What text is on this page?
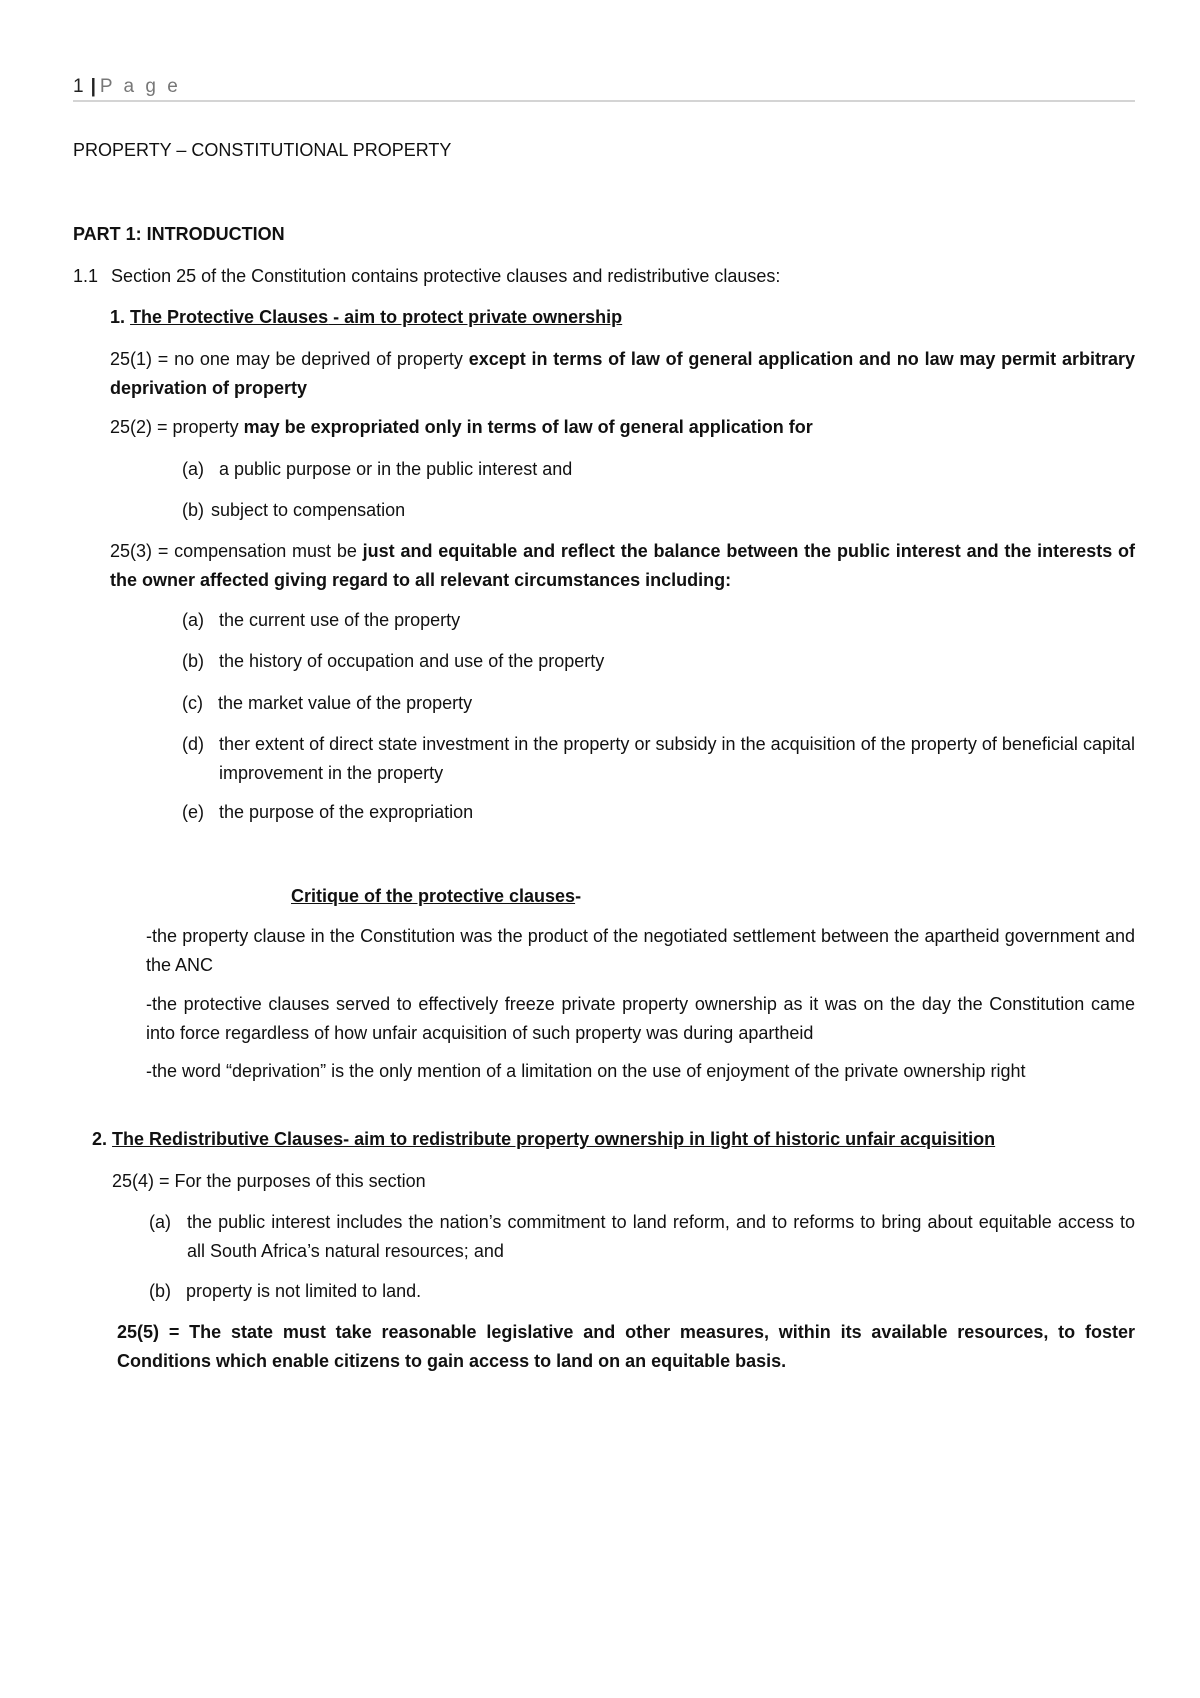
1 | P a g e
PROPERTY – CONSTITUTIONAL PROPERTY
PART 1: INTRODUCTION
1.1 Section 25 of the Constitution contains protective clauses and redistributive clauses:
1. The Protective Clauses - aim to protect private ownership
25(1) = no one may be deprived of property except in terms of law of general application and no law may permit arbitrary deprivation of property
25(2) = property may be expropriated only in terms of law of general application for
(a) a public purpose or in the public interest and
(b) subject to compensation
25(3) = compensation must be just and equitable and reflect the balance between the public interest and the interests of the owner affected giving regard to all relevant circumstances including:
(a) the current use of the property
(b) the history of occupation and use of the property
(c) the market value of the property
(d) ther extent of direct state investment in the property or subsidy in the acquisition of the property of beneficial capital improvement in the property
(e) the purpose of the expropriation
Critique of the protective clauses-
-the property clause in the Constitution was the product of the negotiated settlement between the apartheid government and the ANC
-the protective clauses served to effectively freeze private property ownership as it was on the day the Constitution came into force regardless of how unfair acquisition of such property was during apartheid
-the word “deprivation” is the only mention of a limitation on the use of enjoyment of the private ownership right
2. The Redistributive Clauses- aim to redistribute property ownership in light of historic unfair acquisition
25(4) = For the purposes of this section
(a) the public interest includes the nation’s commitment to land reform, and to reforms to bring about equitable access to all South Africa’s natural resources; and
(b) property is not limited to land.
25(5) = The state must take reasonable legislative and other measures, within its available resources, to foster Conditions which enable citizens to gain access to land on an equitable basis.
